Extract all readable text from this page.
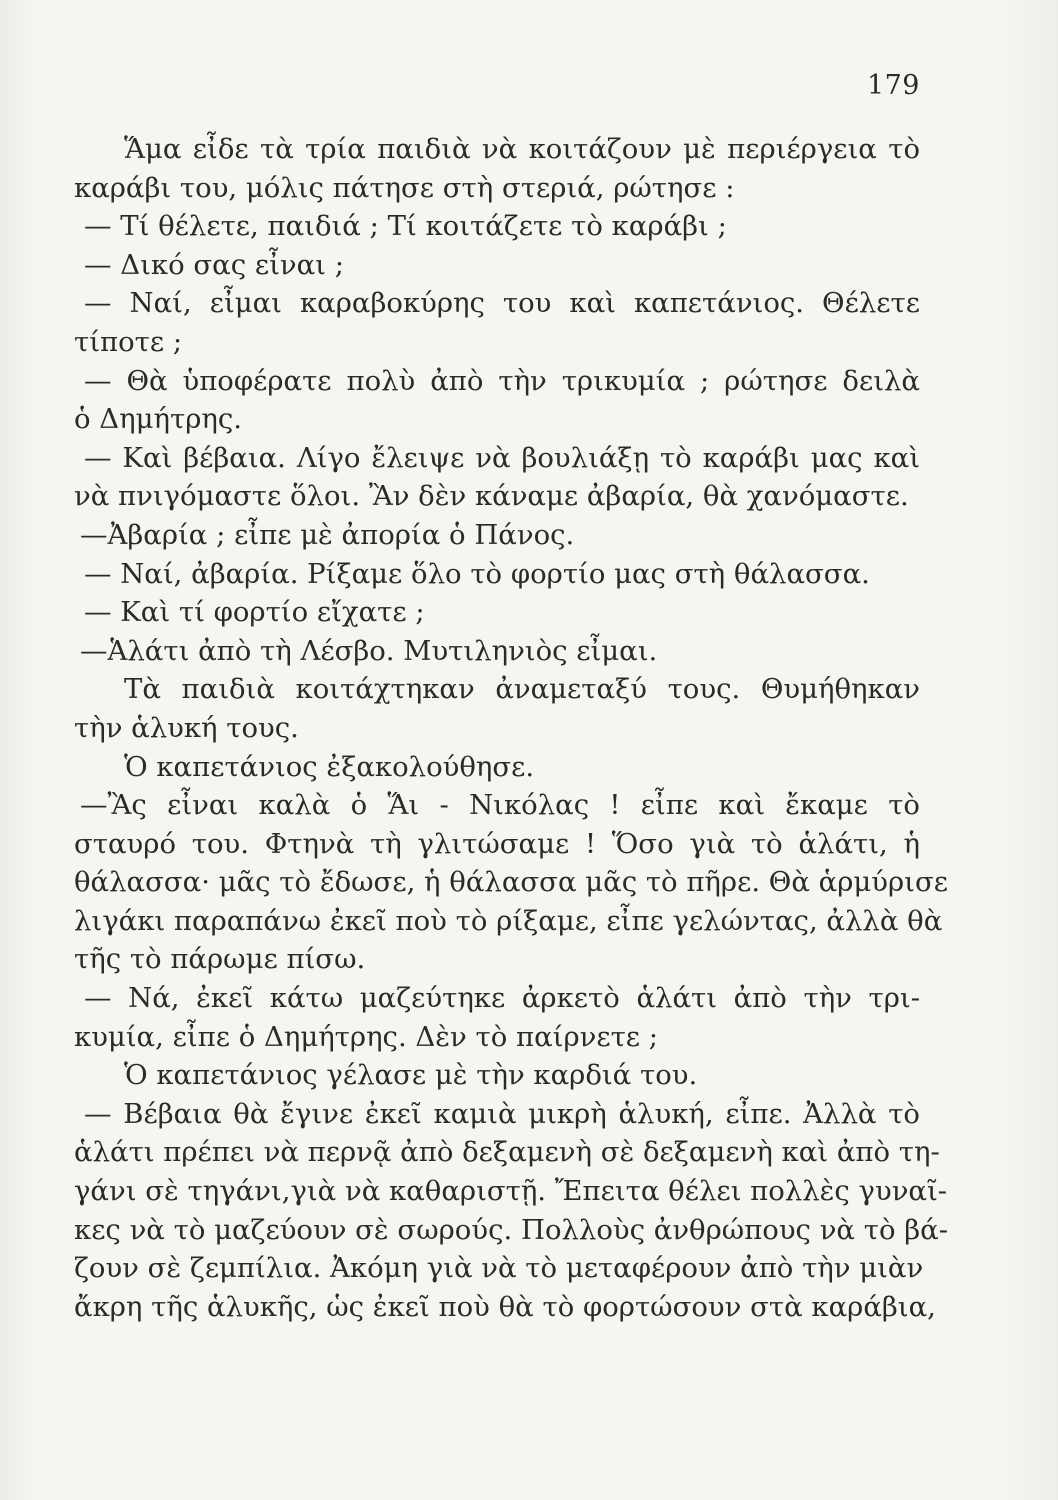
179
Ἅμα εἶδε τὰ τρία παιδιὰ νὰ κοιτάζουν μὲ περιέργεια τὸ
καράβι του, μόλις πάτησε στὴ στεριά, ρώτησε :
— Τί θέλετε, παιδιά ; Τί κοιτάζετε τὸ καράβι ;
— Δικό σας εἶναι ;
— Ναί, εἶμαι καραβοκύρης του καὶ καπετάνιος. Θέλετε
τίποτε ;
— Θὰ ὑποφέρατε πολὺ ἀπὸ τὴν τρικυμία ; ρώτησε δειλὰ
ὁ Δημήτρης.
— Καὶ βέβαια. Λίγο ἔλειψε νὰ βουλιάξῃ τὸ καράβι μας καὶ
νὰ πνιγόμαστε ὅλοι. Ἂν δὲν κάναμε ἀβαρία, θὰ χανόμαστε.
—Ἀβαρία ; εἶπε μὲ ἀπορία ὁ Πάνος.
— Ναί, ἀβαρία. Ρίξαμε ὅλο τὸ φορτίο μας στὴ θάλασσα.
— Καὶ τί φορτίο εἴχατε ;
—Ἁλάτι ἀπὸ τὴ Λέσβο. Μυτιληνιὸς εἶμαι.
Τὰ παιδιὰ κοιτάχτηκαν ἀναμεταξύ τους. Θυμήθηκαν
τὴν ἁλυκή τους.
Ὁ καπετάνιος ἐξακολούθησε.
—Ἂς εἶναι καλὰ ὁ Ἅι - Νικόλας ! εἶπε καὶ ἔκαμε τὸ
σταυρό του. Φτηνὰ τὴ γλιτώσαμε ! Ὅσο γιὰ τὸ ἁλάτι, ἡ
θάλασσα· μᾶς τὸ ἔδωσε, ἡ θάλασσα μᾶς τὸ πῆρε. Θὰ ἁρμύρισε
λιγάκι παραπάνω ἐκεῖ ποὺ τὸ ρίξαμε, εἶπε γελώντας, ἀλλὰ θὰ
τῆς τὸ πάρωμε πίσω.
— Νά, ἐκεῖ κάτω μαζεύτηκε ἀρκετὸ ἁλάτι ἀπὸ τὴν τρι-
κυμία, εἶπε ὁ Δημήτρης. Δὲν τὸ παίρνετε ;
Ὁ καπετάνιος γέλασε μὲ τὴν καρδιά του.
— Βέβαια θὰ ἔγινε ἐκεῖ καμιὰ μικρὴ ἁλυκή, εἶπε. Ἀλλὰ τὸ
ἁλάτι πρέπει νὰ περνᾷ ἀπὸ δεξαμενὴ σὲ δεξαμενὴ καὶ ἀπὸ τη-
γάνι σὲ τηγάνι,γιὰ νὰ καθαριστῇ. Ἔπειτα θέλει πολλὲς γυναῖ-
κες νὰ τὸ μαζεύουν σὲ σωρούς. Πολλοὺς ἀνθρώπους νὰ τὸ βά-
ζουν σὲ ζεμπίλια. Ἀκόμη γιὰ νὰ τὸ μεταφέρουν ἀπὸ τὴν μιὰν
ἄκρη τῆς ἁλυκῆς, ὡς ἐκεῖ ποὺ θὰ τὸ φορτώσουν στὰ καράβια,
